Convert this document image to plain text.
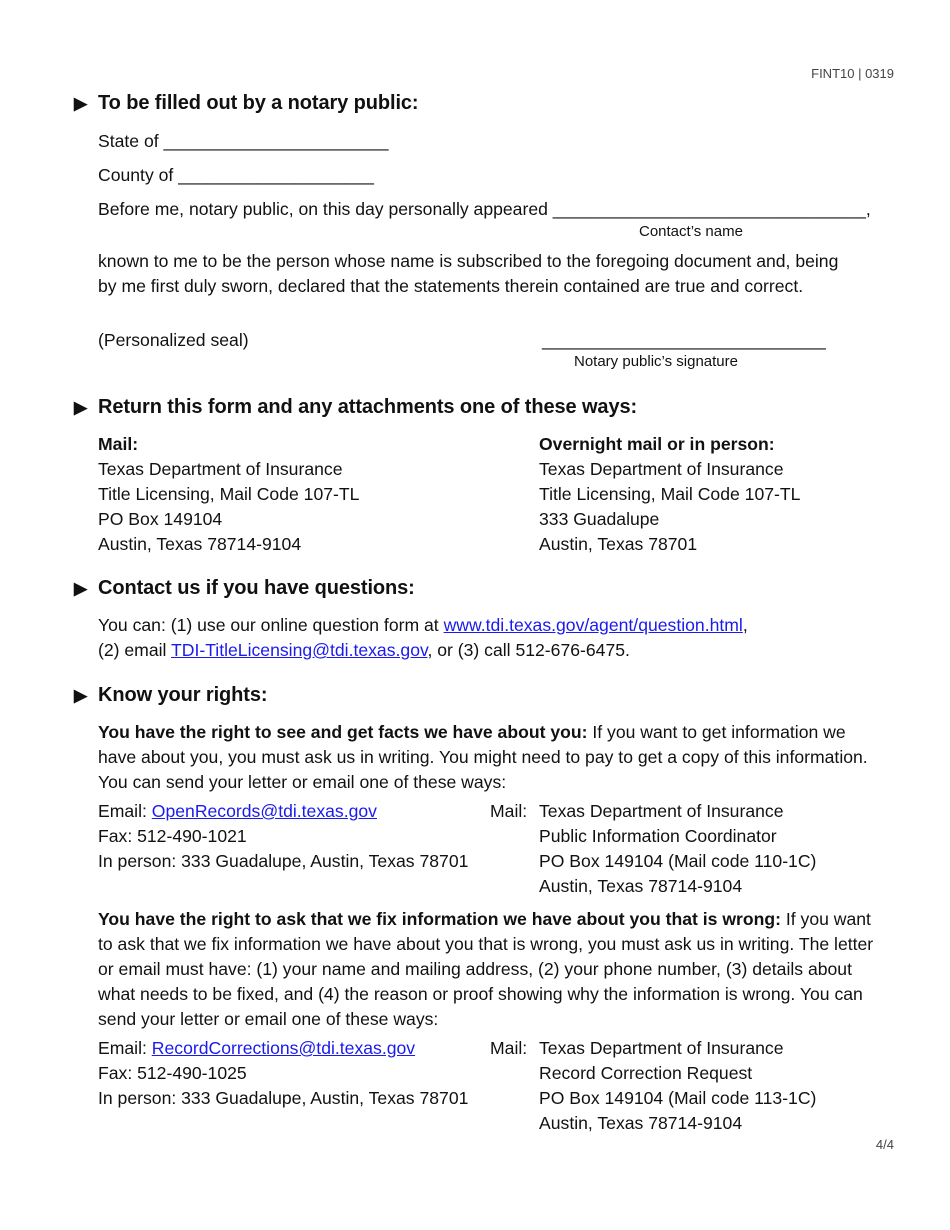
FINT10 | 0319
4/4
▶ To be filled out by a notary public:
State of _______________________
County of ____________________
Before me, notary public, on this day personally appeared ________________________________,
Contact’s name
known to me to be the person whose name is subscribed to the foregoing document and, being by me first duly sworn, declared that the statements therein contained are true and correct.
(Personalized seal)	_____________________________
Notary public’s signature
▶ Return this form and any attachments one of these ways:
Mail:
Texas Department of Insurance
Title Licensing, Mail Code 107-TL
PO Box 149104
Austin, Texas 78714-9104
Overnight mail or in person:
Texas Department of Insurance
Title Licensing, Mail Code 107-TL
333 Guadalupe
Austin, Texas 78701
▶ Contact us if you have questions:
You can: (1) use our online question form at www.tdi.texas.gov/agent/question.html,
(2) email TDI-TitleLicensing@tdi.texas.gov, or (3) call 512-676-6475.
▶ Know your rights:
You have the right to see and get facts we have about you: If you want to get information we have about you, you must ask us in writing. You might need to pay to get a copy of this information. You can send your letter or email one of these ways:
Email: OpenRecords@tdi.texas.gov
Fax: 512-490-1021
In person: 333 Guadalupe, Austin, Texas 78701
Mail: Texas Department of Insurance
Public Information Coordinator
PO Box 149104 (Mail code 110-1C)
Austin, Texas 78714-9104
You have the right to ask that we fix information we have about you that is wrong: If you want to ask that we fix information we have about you that is wrong, you must ask us in writing. The letter or email must have: (1) your name and mailing address, (2) your phone number, (3) details about what needs to be fixed, and (4) the reason or proof showing why the information is wrong. You can send your letter or email one of these ways:
Email: RecordCorrections@tdi.texas.gov
Fax: 512-490-1025
In person: 333 Guadalupe, Austin, Texas 78701
Mail: Texas Department of Insurance
Record Correction Request
PO Box 149104 (Mail code 113-1C)
Austin, Texas 78714-9104
